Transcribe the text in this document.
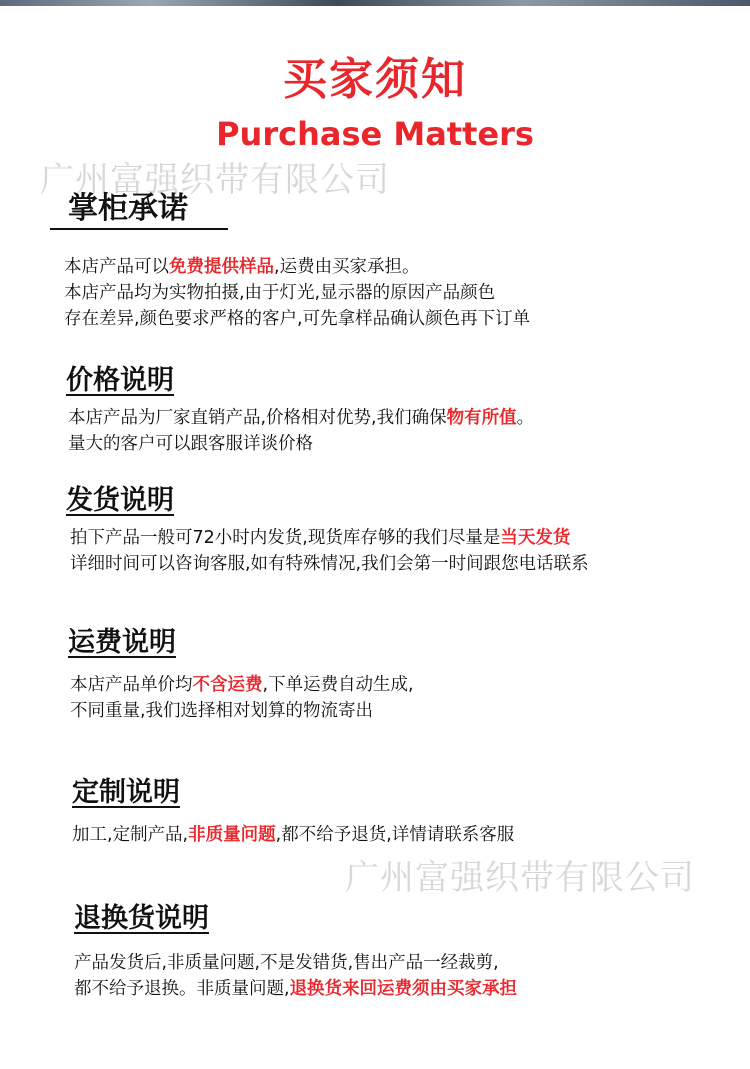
买家须知
Purchase Matters
广州富强织带有限公司
广州富强织带有限公司
掌柜承诺
本店产品可以免费提供样品,运费由买家承担。
本店产品均为实物拍摄,由于灯光,显示器的原因产品颜色
存在差异,颜色要求严格的客户,可先拿样品确认颜色再下订单
价格说明
本店产品为厂家直销产品,价格相对优势,我们确保物有所值。
量大的客户可以跟客服详谈价格
发货说明
拍下产品一般可72小时内发货,现货库存够的我们尽量是当天发货
详细时间可以咨询客服,如有特殊情况,我们会第一时间跟您电话联系
运费说明
本店产品单价均不含运费,下单运费自动生成,
不同重量,我们选择相对划算的物流寄出
定制说明
加工,定制产品,非质量问题,都不给予退货,详情请联系客服
退换货说明
产品发货后,非质量问题,不是发错货,售出产品一经裁剪,
都不给予退换。非质量问题,退换货来回运费须由买家承担
